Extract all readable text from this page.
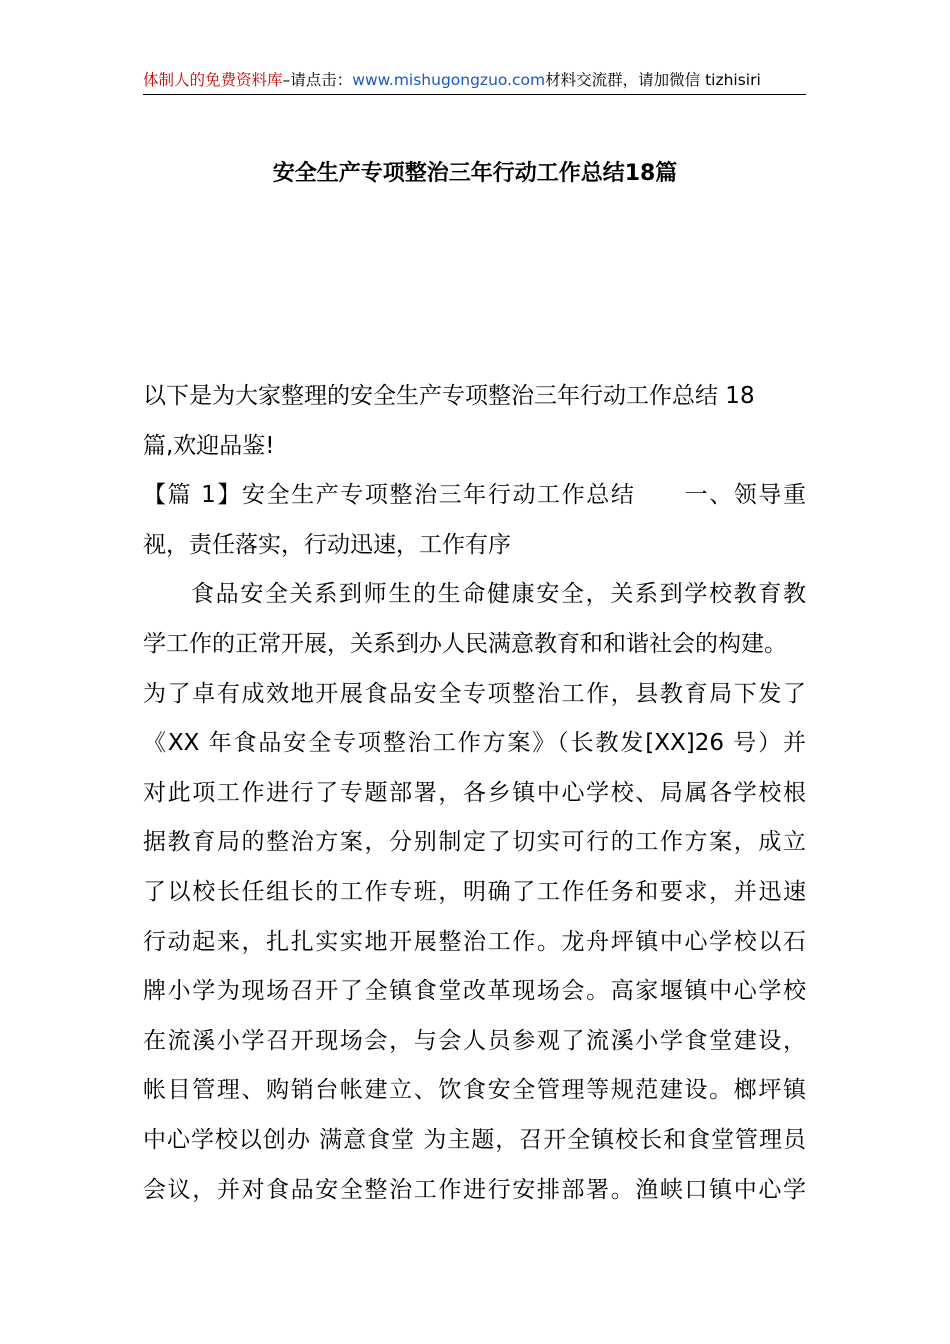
体制人的免费资料库–请点击：www.mishugongzuo.com材料交流群，请加微信 tizhisiri
安全生产专项整治三年行动工作总结18篇
以下是为大家整理的安全生产专项整治三年行动工作总结 18
篇,欢迎品鉴!
【篇 1】安全生产专项整治三年行动工作总结　　一、领导重
视，责任落实，行动迅速，工作有序
食品安全关系到师生的生命健康安全，关系到学校教育教
学工作的正常开展，关系到办人民满意教育和和谐社会的构建。
为了卓有成效地开展食品安全专项整治工作，县教育局下发了
《XX 年食品安全专项整治工作方案》（长教发[XX]26 号）并
对此项工作进行了专题部署，各乡镇中心学校、局属各学校根
据教育局的整治方案，分别制定了切实可行的工作方案，成立
了以校长任组长的工作专班，明确了工作任务和要求，并迅速
行动起来，扎扎实实地开展整治工作。龙舟坪镇中心学校以石
牌小学为现场召开了全镇食堂改革现场会。高家堰镇中心学校
在流溪小学召开现场会，与会人员参观了流溪小学食堂建设，
帐目管理、购销台帐建立、饮食安全管理等规范建设。榔坪镇
中心学校以创办 满意食堂 为主题，召开全镇校长和食堂管理员
会议，并对食品安全整治工作进行安排部署。渔峡口镇中心学
